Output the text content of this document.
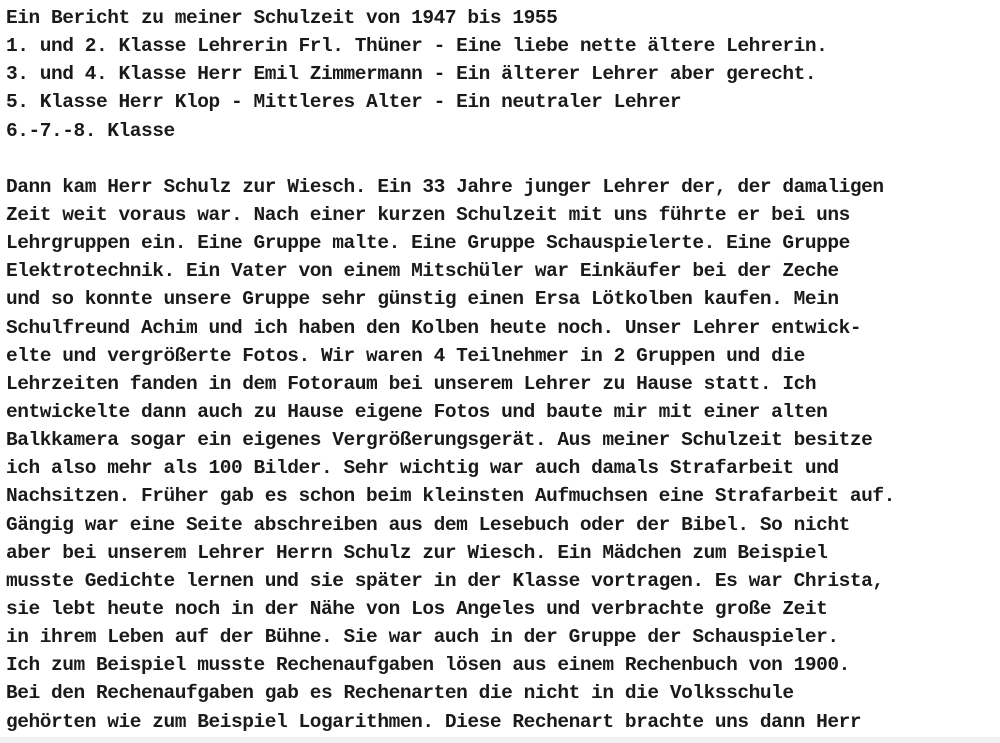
Ein Bericht zu meiner Schulzeit von 1947 bis 1955
1. und 2. Klasse Lehrerin Frl. Thüner - Eine liebe nette ältere Lehrerin.
3. und 4. Klasse Herr Emil Zimmermann - Ein älterer Lehrer aber gerecht.
5. Klasse Herr Klop - Mittleres Alter - Ein neutraler Lehrer
6.-7.-8. Klasse
Dann kam Herr Schulz zur Wiesch. Ein 33 Jahre junger Lehrer der, der damaligen
Zeit weit voraus war. Nach einer kurzen Schulzeit mit uns führte er bei uns
Lehrgruppen ein. Eine Gruppe malte. Eine Gruppe Schauspielerte. Eine Gruppe
Elektrotechnik. Ein Vater von einem Mitschüler war Einkäufer bei der Zeche
und so konnte unsere Gruppe sehr günstig einen Ersa Lötkolben kaufen. Mein
Schulfreund Achim und ich haben den Kolben heute noch. Unser Lehrer entwick-
elte und vergrößerte Fotos. Wir waren 4 Teilnehmer in 2 Gruppen und die
Lehrzeiten fanden in dem Fotoraum bei unserem Lehrer zu Hause statt. Ich
entwickelte dann auch zu Hause eigene Fotos und baute mir mit einer alten
Balkkamera sogar ein eigenes Vergrößerungsgerät. Aus meiner Schulzeit besitze
ich also mehr als 100 Bilder. Sehr wichtig war auch damals Strafarbeit und
Nachsitzen. Früher gab es schon beim kleinsten Aufmuchsen eine Strafarbeit auf.
Gängig war eine Seite abschreiben aus dem Lesebuch oder der Bibel. So nicht
aber bei unserem Lehrer Herrn Schulz zur Wiesch. Ein Mädchen zum Beispiel
musste Gedichte lernen und sie später in der Klasse vortragen. Es war Christa,
sie lebt heute noch in der Nähe von Los Angeles und verbrachte große Zeit
in ihrem Leben auf der Bühne. Sie war auch in der Gruppe der Schauspieler.
Ich zum Beispiel musste Rechenaufgaben lösen aus einem Rechenbuch von 1900.
Bei den Rechenaufgaben gab es Rechenarten die nicht in die Volksschule
gehörten wie zum Beispiel Logarithmen. Diese Rechenart brachte uns dann Herr
